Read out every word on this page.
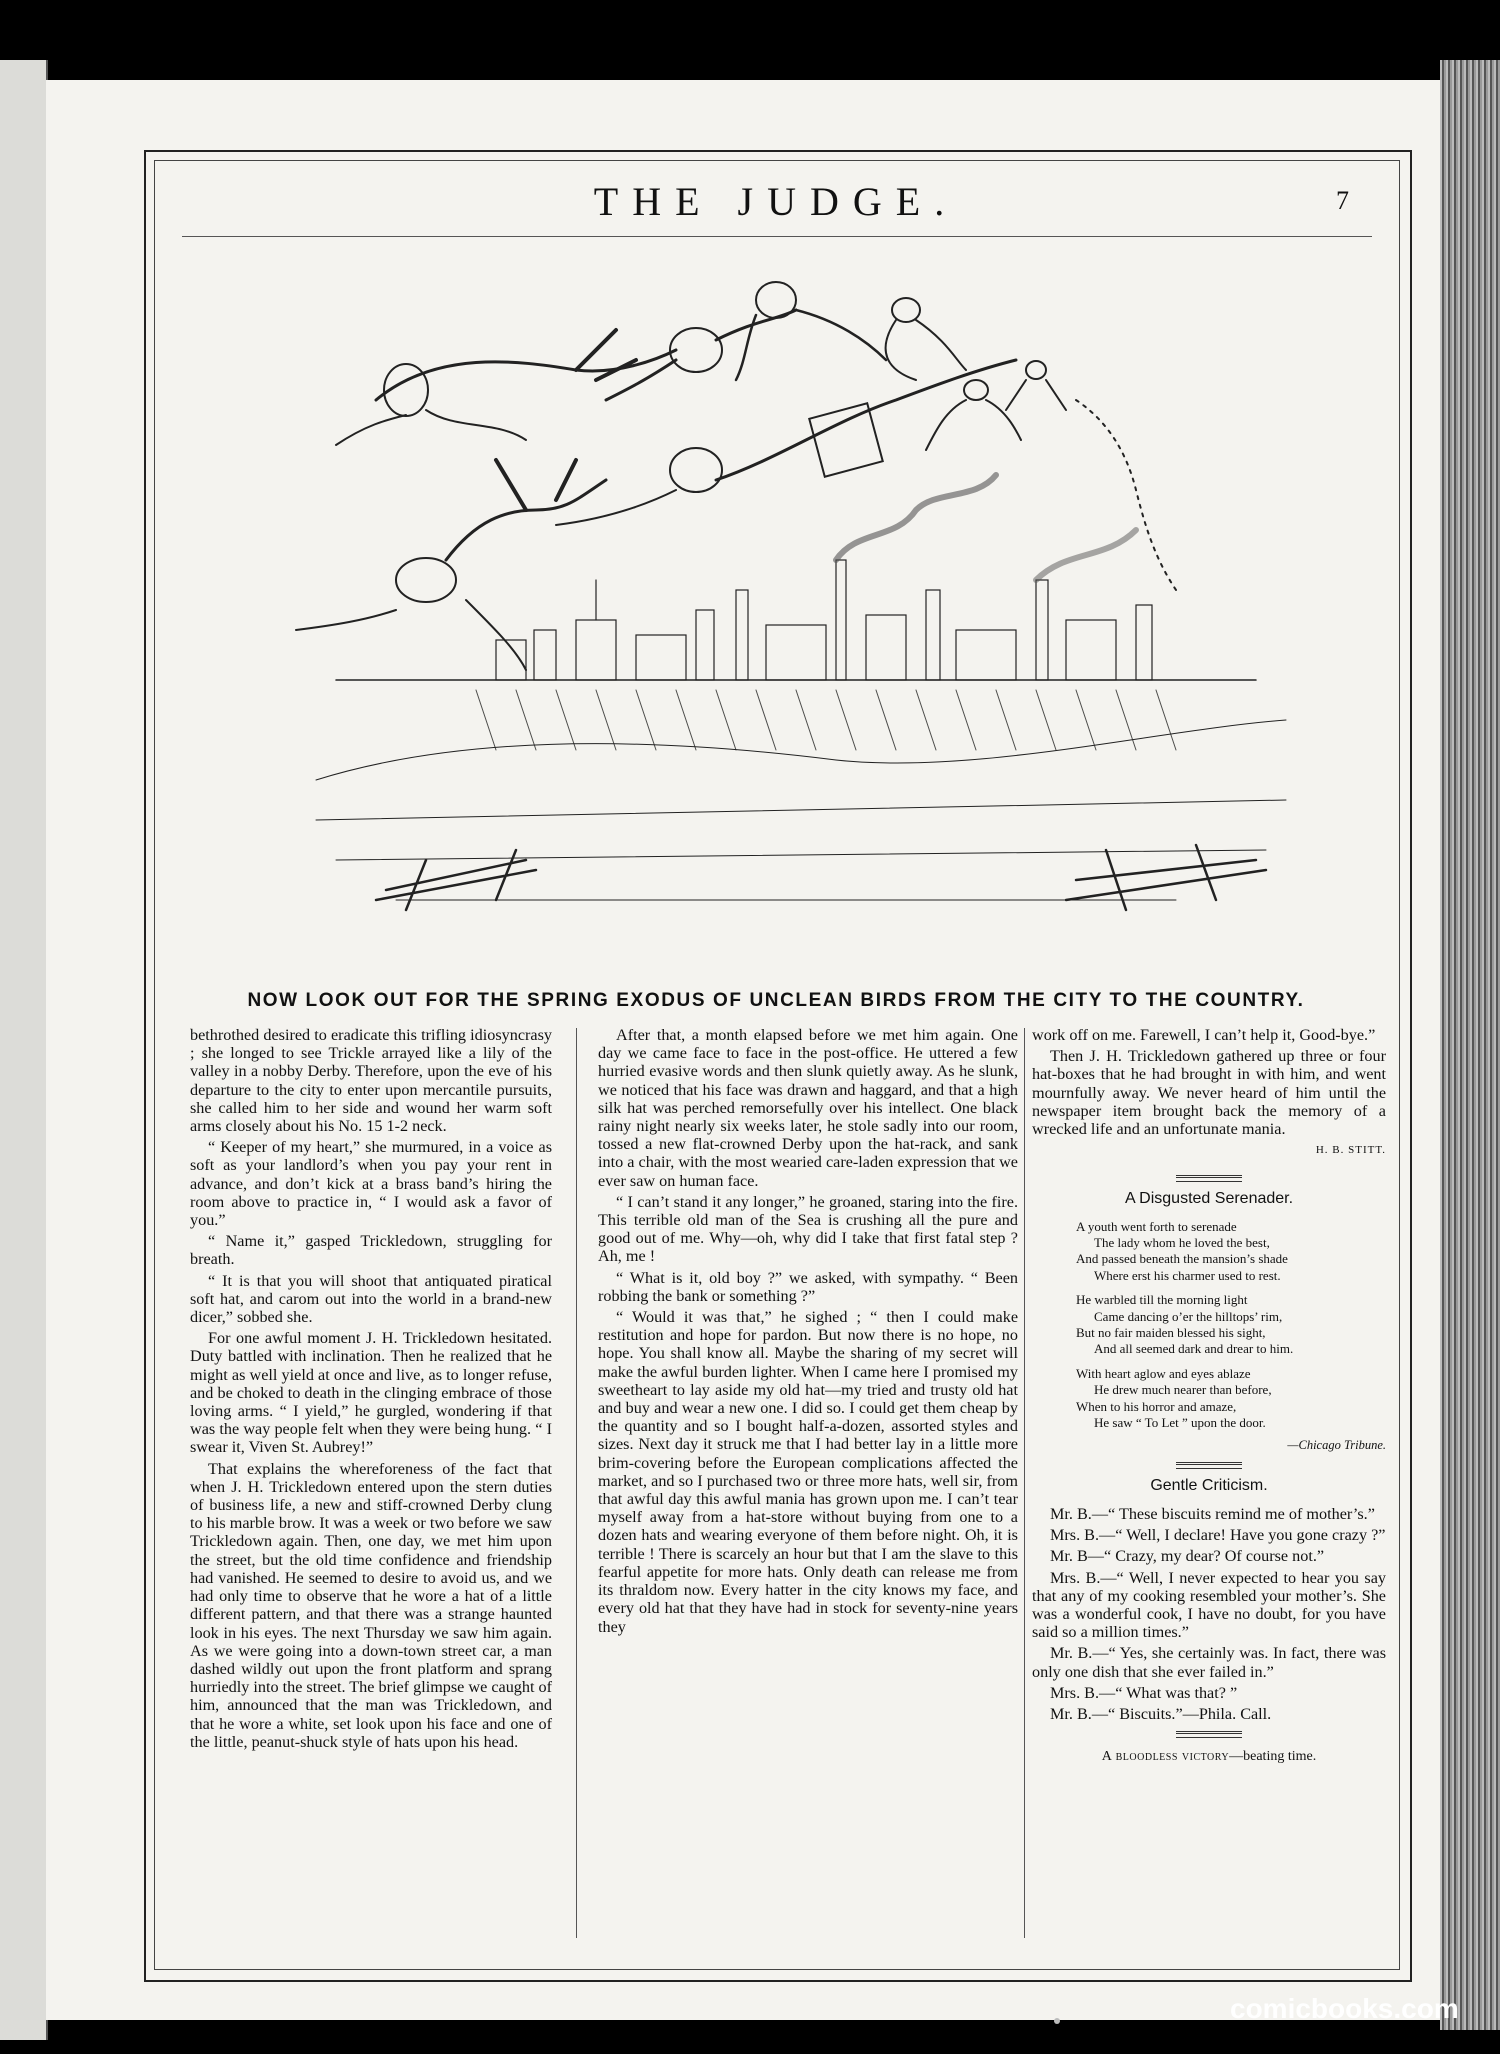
THE JUDGE.	7
NOW LOOK OUT FOR THE SPRING EXODUS OF UNCLEAN BIRDS FROM THE CITY TO THE COUNTRY.

bethrothed desired to eradicate this trifling idiosyncrasy ; she longed to see Trickle arrayed like a lily of the valley in a nobby Derby. Therefore, upon the eve of his departure to the city to enter upon mercantile pursuits, she called him to her side and wound her warm soft arms closely about his No. 15 1-2 neck.

“ Keeper of my heart,” she murmured, in a voice as soft as your landlord’s when you pay your rent in advance, and don’t kick at a brass band’s hiring the room above to practice in, “ I would ask a favor of you.”

“ Name it,” gasped Trickledown, struggling for breath.

“ It is that you will shoot that antiquated piratical soft hat, and carom out into the world in a brand-new dicer,” sobbed she.

For one awful moment J. H. Trickledown hesitated. Duty battled with inclination. Then he realized that he might as well yield at once and live, as to longer refuse, and be choked to death in the clinging embrace of those loving arms. “ I yield,” he gurgled, wondering if that was the way people felt when they were being hung. “ I swear it, Viven St. Aubrey!”

That explains the whereforeness of the fact that when J. H. Trickledown entered upon the stern duties of business life, a new and stiff-crowned Derby clung to his marble brow. It was a week or two before we saw Trickledown again. Then, one day, we met him upon the street, but the old time confidence and friendship had vanished. He seemed to desire to avoid us, and we had only time to observe that he wore a hat of a little different pattern, and that there was a strange haunted look in his eyes. The next Thursday we saw him again. As we were going into a down-town street car, a man dashed wildly out upon the front platform and sprang hurriedly into the street. The brief glimpse we caught of him, announced that the man was Trickledown, and that he wore a white, set look upon his face and one of the little, peanut-shuck style of hats upon his head.

After that, a month elapsed before we met him again. One day we came face to face in the post-office. He uttered a few hurried evasive words and then slunk quietly away. As he slunk, we noticed that his face was drawn and haggard, and that a high silk hat was perched remorsefully over his intellect. One black rainy night nearly six weeks later, he stole sadly into our room, tossed a new flat-crowned Derby upon the hat-rack, and sank into a chair, with the most wearied care-laden expression that we ever saw on human face.

“ I can’t stand it any longer,” he groaned, staring into the fire. This terrible old man of the Sea is crushing all the pure and good out of me. Why—oh, why did I take that first fatal step ? Ah, me !

“ What is it, old boy ?” we asked, with sympathy. “ Been robbing the bank or something ?”

“ Would it was that,” he sighed ; “ then I could make restitution and hope for pardon. But now there is no hope, no hope. You shall know all. Maybe the sharing of my secret will make the awful burden lighter. When I came here I promised my sweetheart to lay aside my old hat—my tried and trusty old hat and buy and wear a new one. I did so. I could get them cheap by the quantity and so I bought half-a-dozen, assorted styles and sizes. Next day it struck me that I had better lay in a little more brim-covering before the European complications affected the market, and so I purchased two or three more hats, well sir, from that awful day this awful mania has grown upon me. I can’t tear myself away from a hat-store without buying from one to a dozen hats and wearing everyone of them before night. Oh, it is terrible ! There is scarcely an hour but that I am the slave to this fearful appetite for more hats. Only death can release me from its thraldom now. Every hatter in the city knows my face, and every old hat that they have had in stock for seventy-nine years they

work off on me. Farewell, I can’t help it, Good-bye.”

Then J. H. Trickledown gathered up three or four hat-boxes that he had brought in with him, and went mournfully away. We never heard of him until the newspaper item brought back the memory of a wrecked life and an unfortunate mania.

H. B. STITT.
A Disgusted Serenader.
A youth went forth to serenade
The lady whom he loved the best,
And passed beneath the mansion’s shade
Where erst his charmer used to rest.
He warbled till the morning light
Came dancing o’er the hilltops’ rim,
But no fair maiden blessed his sight,
And all seemed dark and drear to him.
With heart aglow and eyes ablaze
He drew much nearer than before,
When to his horror and amaze,
He saw “ To Let ” upon the door.
—Chicago Tribune.
Gentle Criticism.

Mr. B.—“ These biscuits remind me of mother’s.”

Mrs. B.—“ Well, I declare! Have you gone crazy ?”

Mr. B—“ Crazy, my dear? Of course not.”

Mrs. B.—“ Well, I never expected to hear you say that any of my cooking resembled your mother’s. She was a wonderful cook, I have no doubt, for you have said so a million times.”

Mr. B.—“ Yes, she certainly was. In fact, there was only one dish that she ever failed in.”

Mrs. B.—“ What was that? ”

Mr. B.—“ Biscuits.”—Phila. Call.

A bloodless victory—beating time.
comicbooks.com
